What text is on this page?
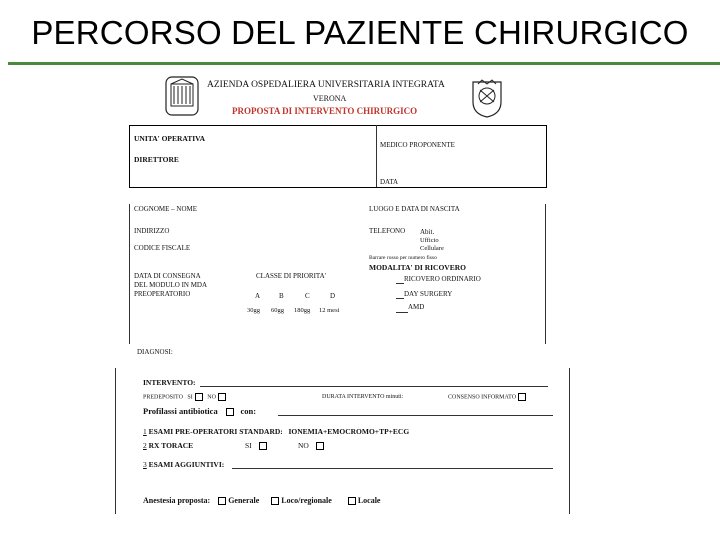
PERCORSO DEL PAZIENTE CHIRURGICO
AZIENDA OSPEDALIERA UNIVERSITARIA INTEGRATA
VERONA
PROPOSTA DI INTERVENTO CHIRURGICO
UNITA' OPERATIVA
DIRETTORE
MEDICO PROPONENTE
DATA
COGNOME – NOME	LUOGO E DATA DI NASCITA
INDIRIZZO	TELEFONO Abit.
Ufficio
Cellulare
CODICE FISCALE
Barrare rosso per numero fisso
MODALITA' DI RICOVERO
DATA DI CONSEGNA
DEL MODULO IN MDA
PREOPERATORIO
CLASSE DI PRIORITA'
A	B	C	D
30gg 60gg 180gg 12 mesi
RICOVERO ORDINARIO
DAY SURGERY
AMD
DIAGNOSI:
INTERVENTO:
PREDEPOSITO SI NO	DURATA INTERVENTO minuti:	CONSENSO INFORMATO
Profilassi antibiotica	con:
1 ESAMI PRE-OPERATORI STANDARD: IONEMIA+EMOCROMO+TP+ECG
2 RX TORACE	SI	NO
3 ESAMI AGGIUNTIVI:
Anestesia proposta: Generale	Loco/regionale	Locale
